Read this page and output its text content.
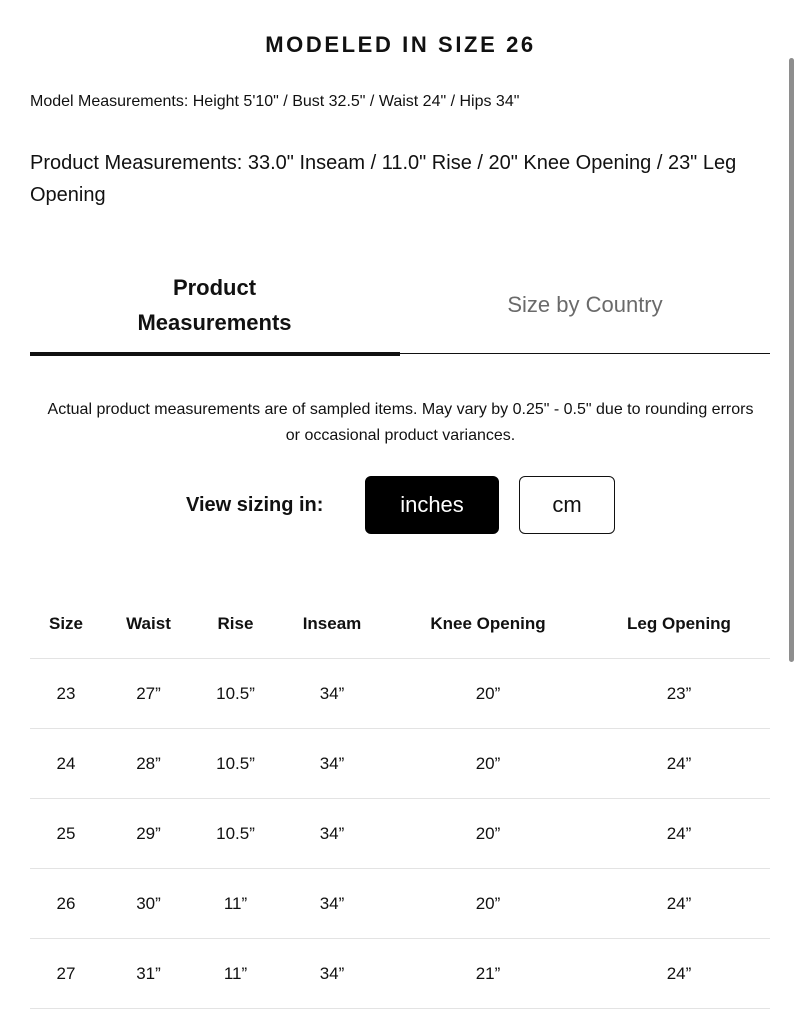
MODELED IN SIZE 26
Model Measurements: Height 5'10" / Bust 32.5" / Waist 24" / Hips 34"
Product Measurements: 33.0" Inseam / 11.0" Rise / 20" Knee Opening / 23" Leg Opening
Product Measurements
Size by Country
Actual product measurements are of sampled items. May vary by 0.25" - 0.5" due to rounding errors or occasional product variances.
View sizing in:	inches	cm
Size	Waist	Rise	Inseam	Knee Opening	Leg Opening
23	27”	10.5”	34”	20”	23”
24	28”	10.5”	34”	20”	24”
25	29”	10.5”	34”	20”	24”
26	30”	11”	34”	20”	24”
27	31”	11”	34”	21”	24”
